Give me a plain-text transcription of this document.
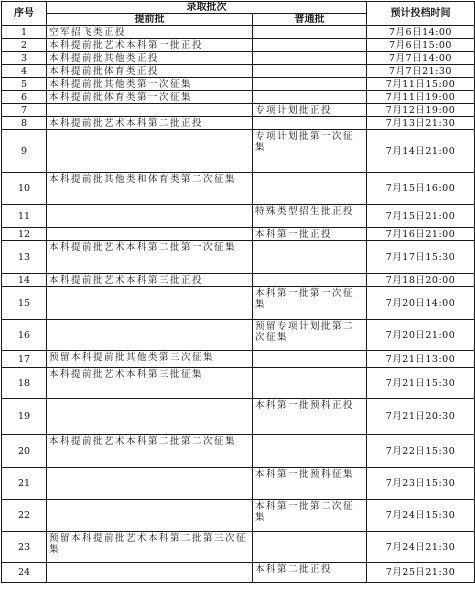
序号	录取批次		预计投档时间
	提前批	普通批	
1	空军招飞类正投		7月6日14:00
2	本科提前批艺术本科第一批正投		7月6日15:00
3	本科提前批其他类正投		7月7日14:00
4	本科提前批体育类正投		7月7日21:30
5	本科提前批其他类第一次征集		7月11日15:00
6	本科提前批体育类第一次征集		7月11日19:00
7		专项计划批正投	7月12日19:00
8	本科提前批艺术本科第二批正投		7月13日21:30
9		专项计划批第一次征集	7月14日21:00
10	本科提前批其他类和体育类第二次征集		7月15日16:00
11		特殊类型招生批正投	7月15日21:00
12		本科第一批正投	7月16日21:00
13	本科提前批艺术本科第二批第一次征集		7月17日15:30
14	本科提前批艺术本科第三批正投		7月18日20:00
15		本科第一批第一次征集	7月20日14:00
16		预留专项计划批第二次征集	7月20日21:00
17	预留本科提前批其他类第三次征集		7月21日13:00
18	本科提前批艺术本科第三批征集		7月21日15:30
19		本科第一批预科正投	7月21日20:30
20	本科提前批艺术本科第二批第二次征集		7月22日15:30
21		本科第一批预科征集	7月23日15:30
22		本科第一批第二次征集	7月24日15:30
23	预留本科提前批艺术本科第二批第三次征集		7月24日21:30
24		本科第二批正投	7月25日21:30
